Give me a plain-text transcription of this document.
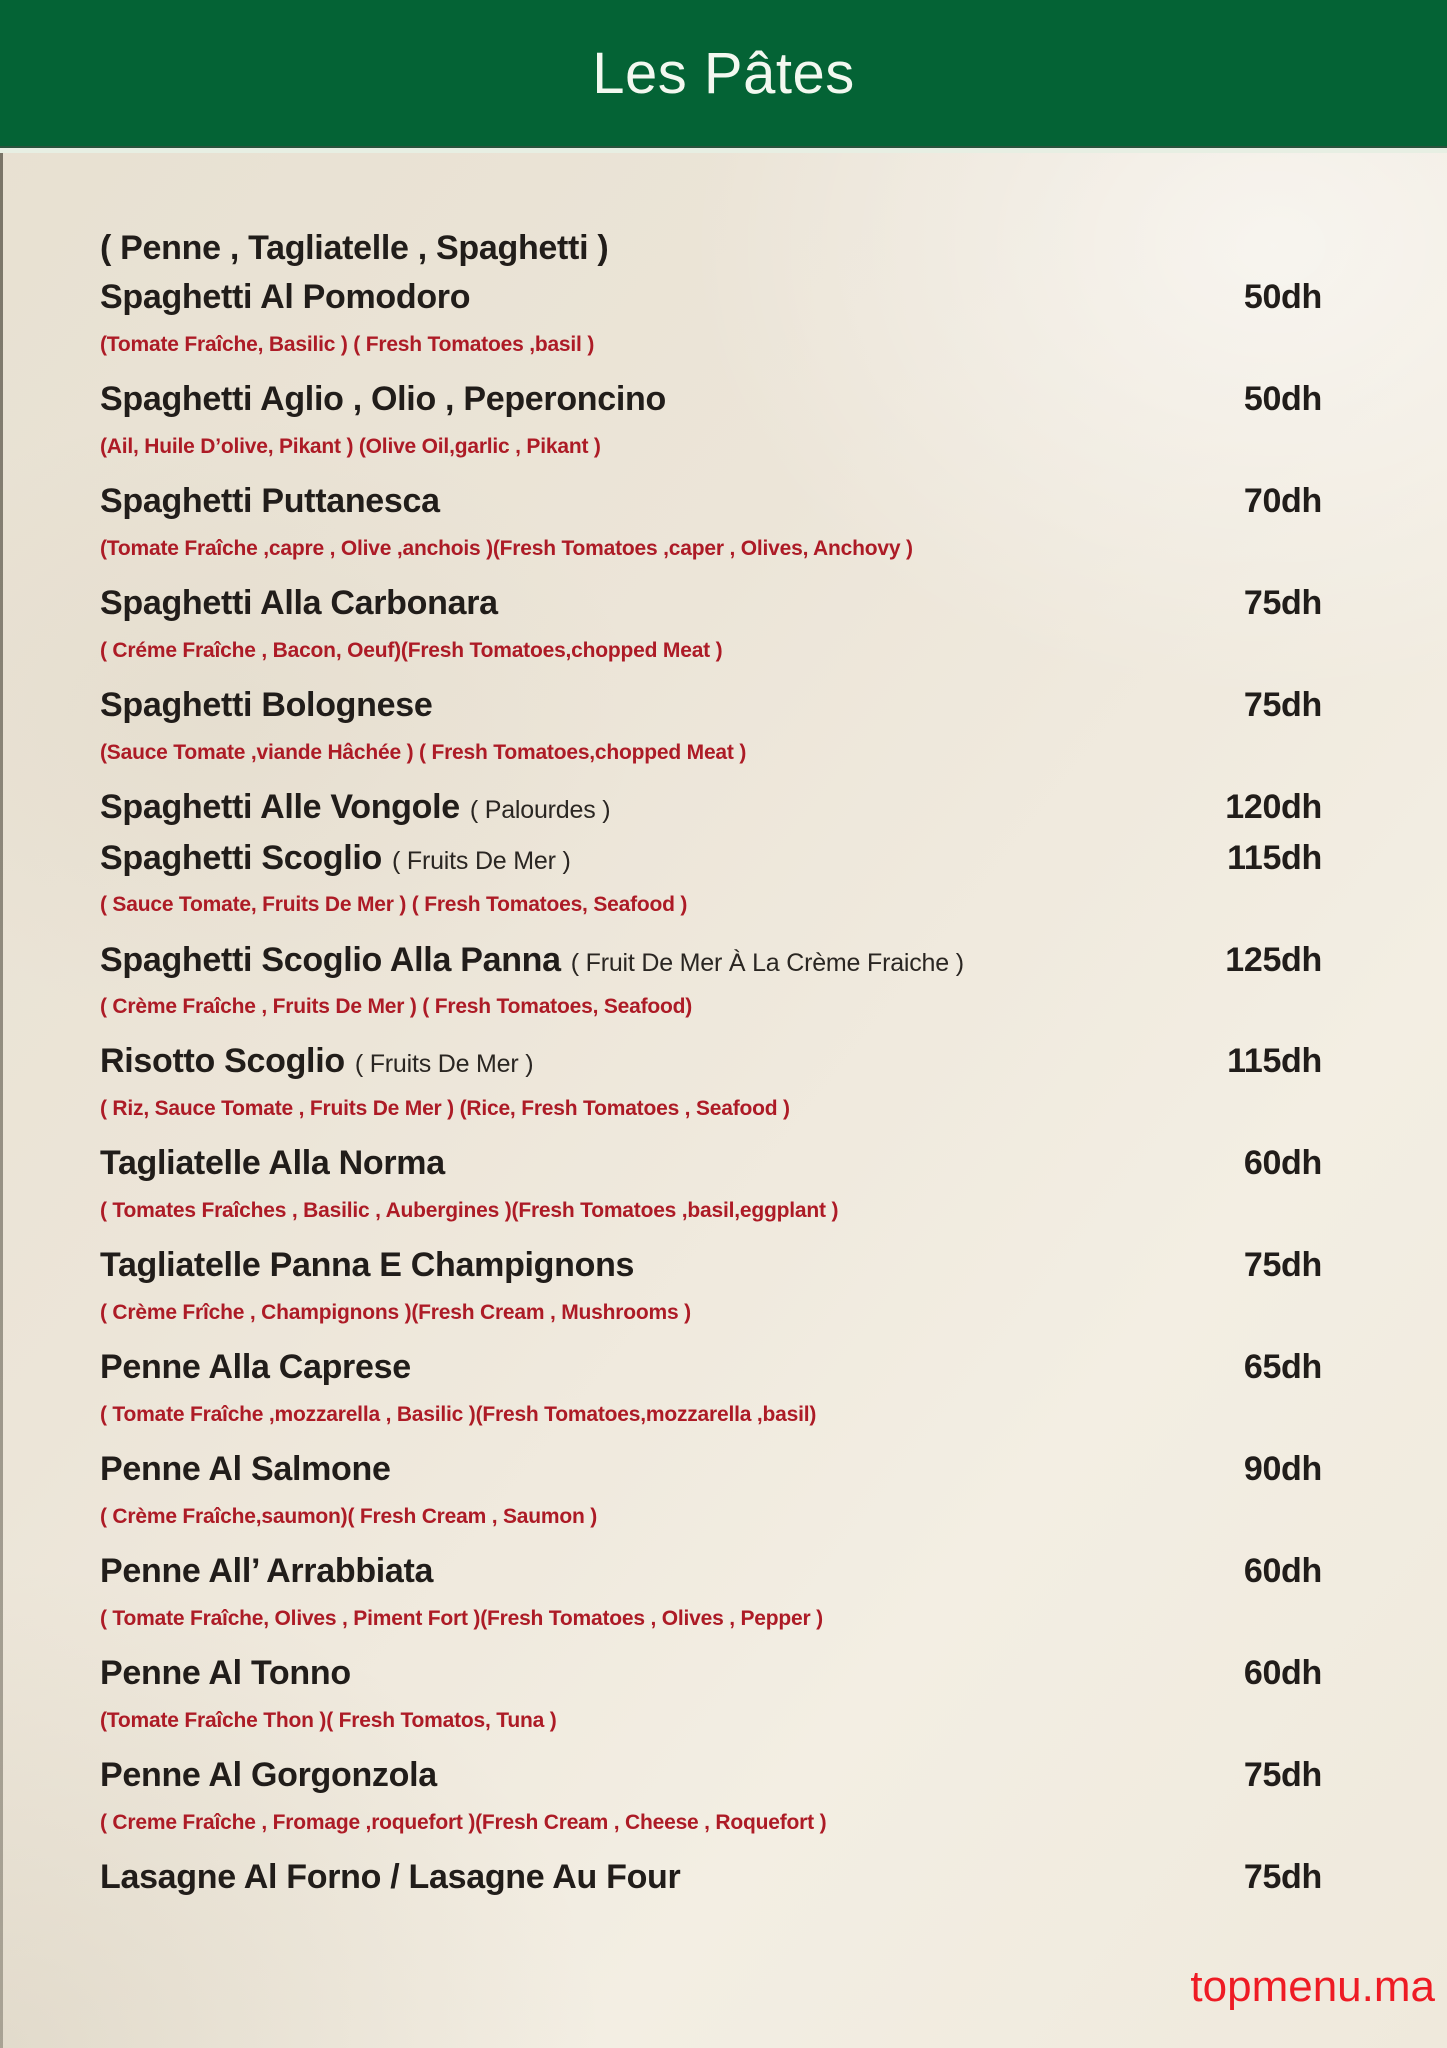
Les Pâtes
( Penne , Tagliatelle , Spaghetti )
Spaghetti Al Pomodoro	50dh
(Tomate Fraîche, Basilic ) ( Fresh Tomatoes ,basil )
Spaghetti Aglio , Olio , Peperoncino	50dh
(Ail, Huile D’olive, Pikant ) (Olive Oil,garlic , Pikant )
Spaghetti Puttanesca	70dh
(Tomate Fraîche ,capre , Olive ,anchois )(Fresh Tomatoes ,caper , Olives, Anchovy )
Spaghetti Alla Carbonara	75dh
( Créme Fraîche , Bacon, Oeuf)(Fresh Tomatoes,chopped Meat )
Spaghetti Bolognese	75dh
(Sauce Tomate ,viande Hâchée ) ( Fresh Tomatoes,chopped Meat )
Spaghetti Alle Vongole ( Palourdes )	120dh
Spaghetti Scoglio ( Fruits De Mer )	115dh
( Sauce Tomate, Fruits De Mer ) ( Fresh Tomatoes, Seafood )
Spaghetti Scoglio Alla Panna ( Fruit De Mer À La Crème Fraiche )	125dh
( Crème Fraîche , Fruits De Mer ) ( Fresh Tomatoes, Seafood)
Risotto Scoglio ( Fruits De Mer )	115dh
( Riz, Sauce Tomate , Fruits De Mer ) (Rice, Fresh Tomatoes , Seafood )
Tagliatelle Alla Norma	60dh
( Tomates Fraîches , Basilic , Aubergines )(Fresh Tomatoes ,basil,eggplant )
Tagliatelle Panna E Champignons	75dh
( Crème Frîche , Champignons )(Fresh Cream , Mushrooms )
Penne Alla Caprese	65dh
( Tomate Fraîche ,mozzarella , Basilic )(Fresh Tomatoes,mozzarella ,basil)
Penne Al Salmone	90dh
( Crème Fraîche,saumon)( Fresh Cream , Saumon )
Penne All’ Arrabbiata	60dh
( Tomate Fraîche, Olives , Piment Fort )(Fresh Tomatoes , Olives , Pepper )
Penne Al Tonno	60dh
(Tomate Fraîche Thon )( Fresh Tomatos, Tuna )
Penne Al Gorgonzola	75dh
( Creme Fraîche , Fromage ,roquefort )(Fresh Cream , Cheese , Roquefort )
Lasagne Al Forno / Lasagne Au Four	75dh
topmenu.ma
